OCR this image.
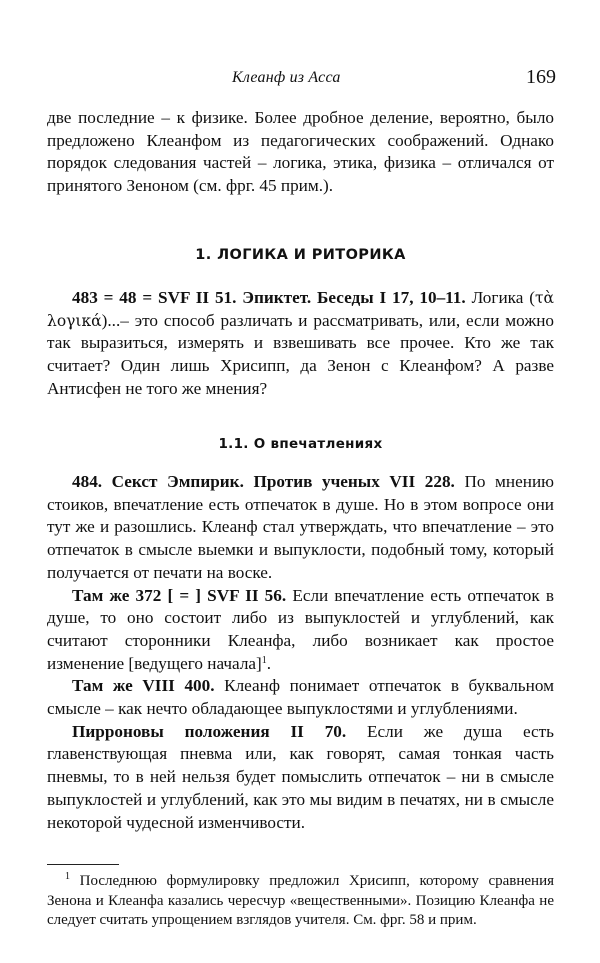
Клеанф из Асса	169

две последние – к физике. Более дробное деление, вероятно, было предложено Клеанфом из педагогических соображений. Однако порядок следования частей – логика, этика, физика – отличался от принятого Зеноном (см. фрг. 45 прим.).

1. ЛОГИКА И РИТОРИКА

483 = 48 = SVF II 51. Эпиктет. Беседы I 17, 10–11. Логика (τὰ λογικά)...– это способ различать и рассматривать, или, если можно так выразиться, измерять и взвешивать все прочее. Кто же так считает? Один лишь Хрисипп, да Зенон с Клеанфом? А разве Антисфен не того же мнения?

1.1. О впечатлениях

484. Секст Эмпирик. Против ученых VII 228. По мнению стоиков, впечатление есть отпечаток в душе. Но в этом вопросе они тут же и разошлись. Клеанф стал утверждать, что впечатление – это отпечаток в смысле выемки и выпуклости, подобный тому, который получается от печати на воске.

Там же 372 [ = ] SVF II 56. Если впечатление есть отпечаток в душе, то оно состоит либо из выпуклостей и углублений, как считают сторонники Клеанфа, либо возникает как простое изменение [ведущего начала]$^1$.

Там же VIII 400. Клеанф понимает отпечаток в буквальном смысле – как нечто обладающее выпуклостями и углублениями.

Пирроновы положения II 70. Если же душа есть главенствующая пневма или, как говорят, самая тонкая часть пневмы, то в ней нельзя будет помыслить отпечаток – ни в смысле выпуклостей и углублений, как это мы видим в печатях, ни в смысле некоторой чудесной изменчивости.

$^1$ Последнюю формулировку предложил Хрисипп, которому сравнения Зенона и Клеанфа казались чересчур «вещественными». Позицию Клеанфа не следует считать упрощением взглядов учителя. См. фрг. 58 и прим.
